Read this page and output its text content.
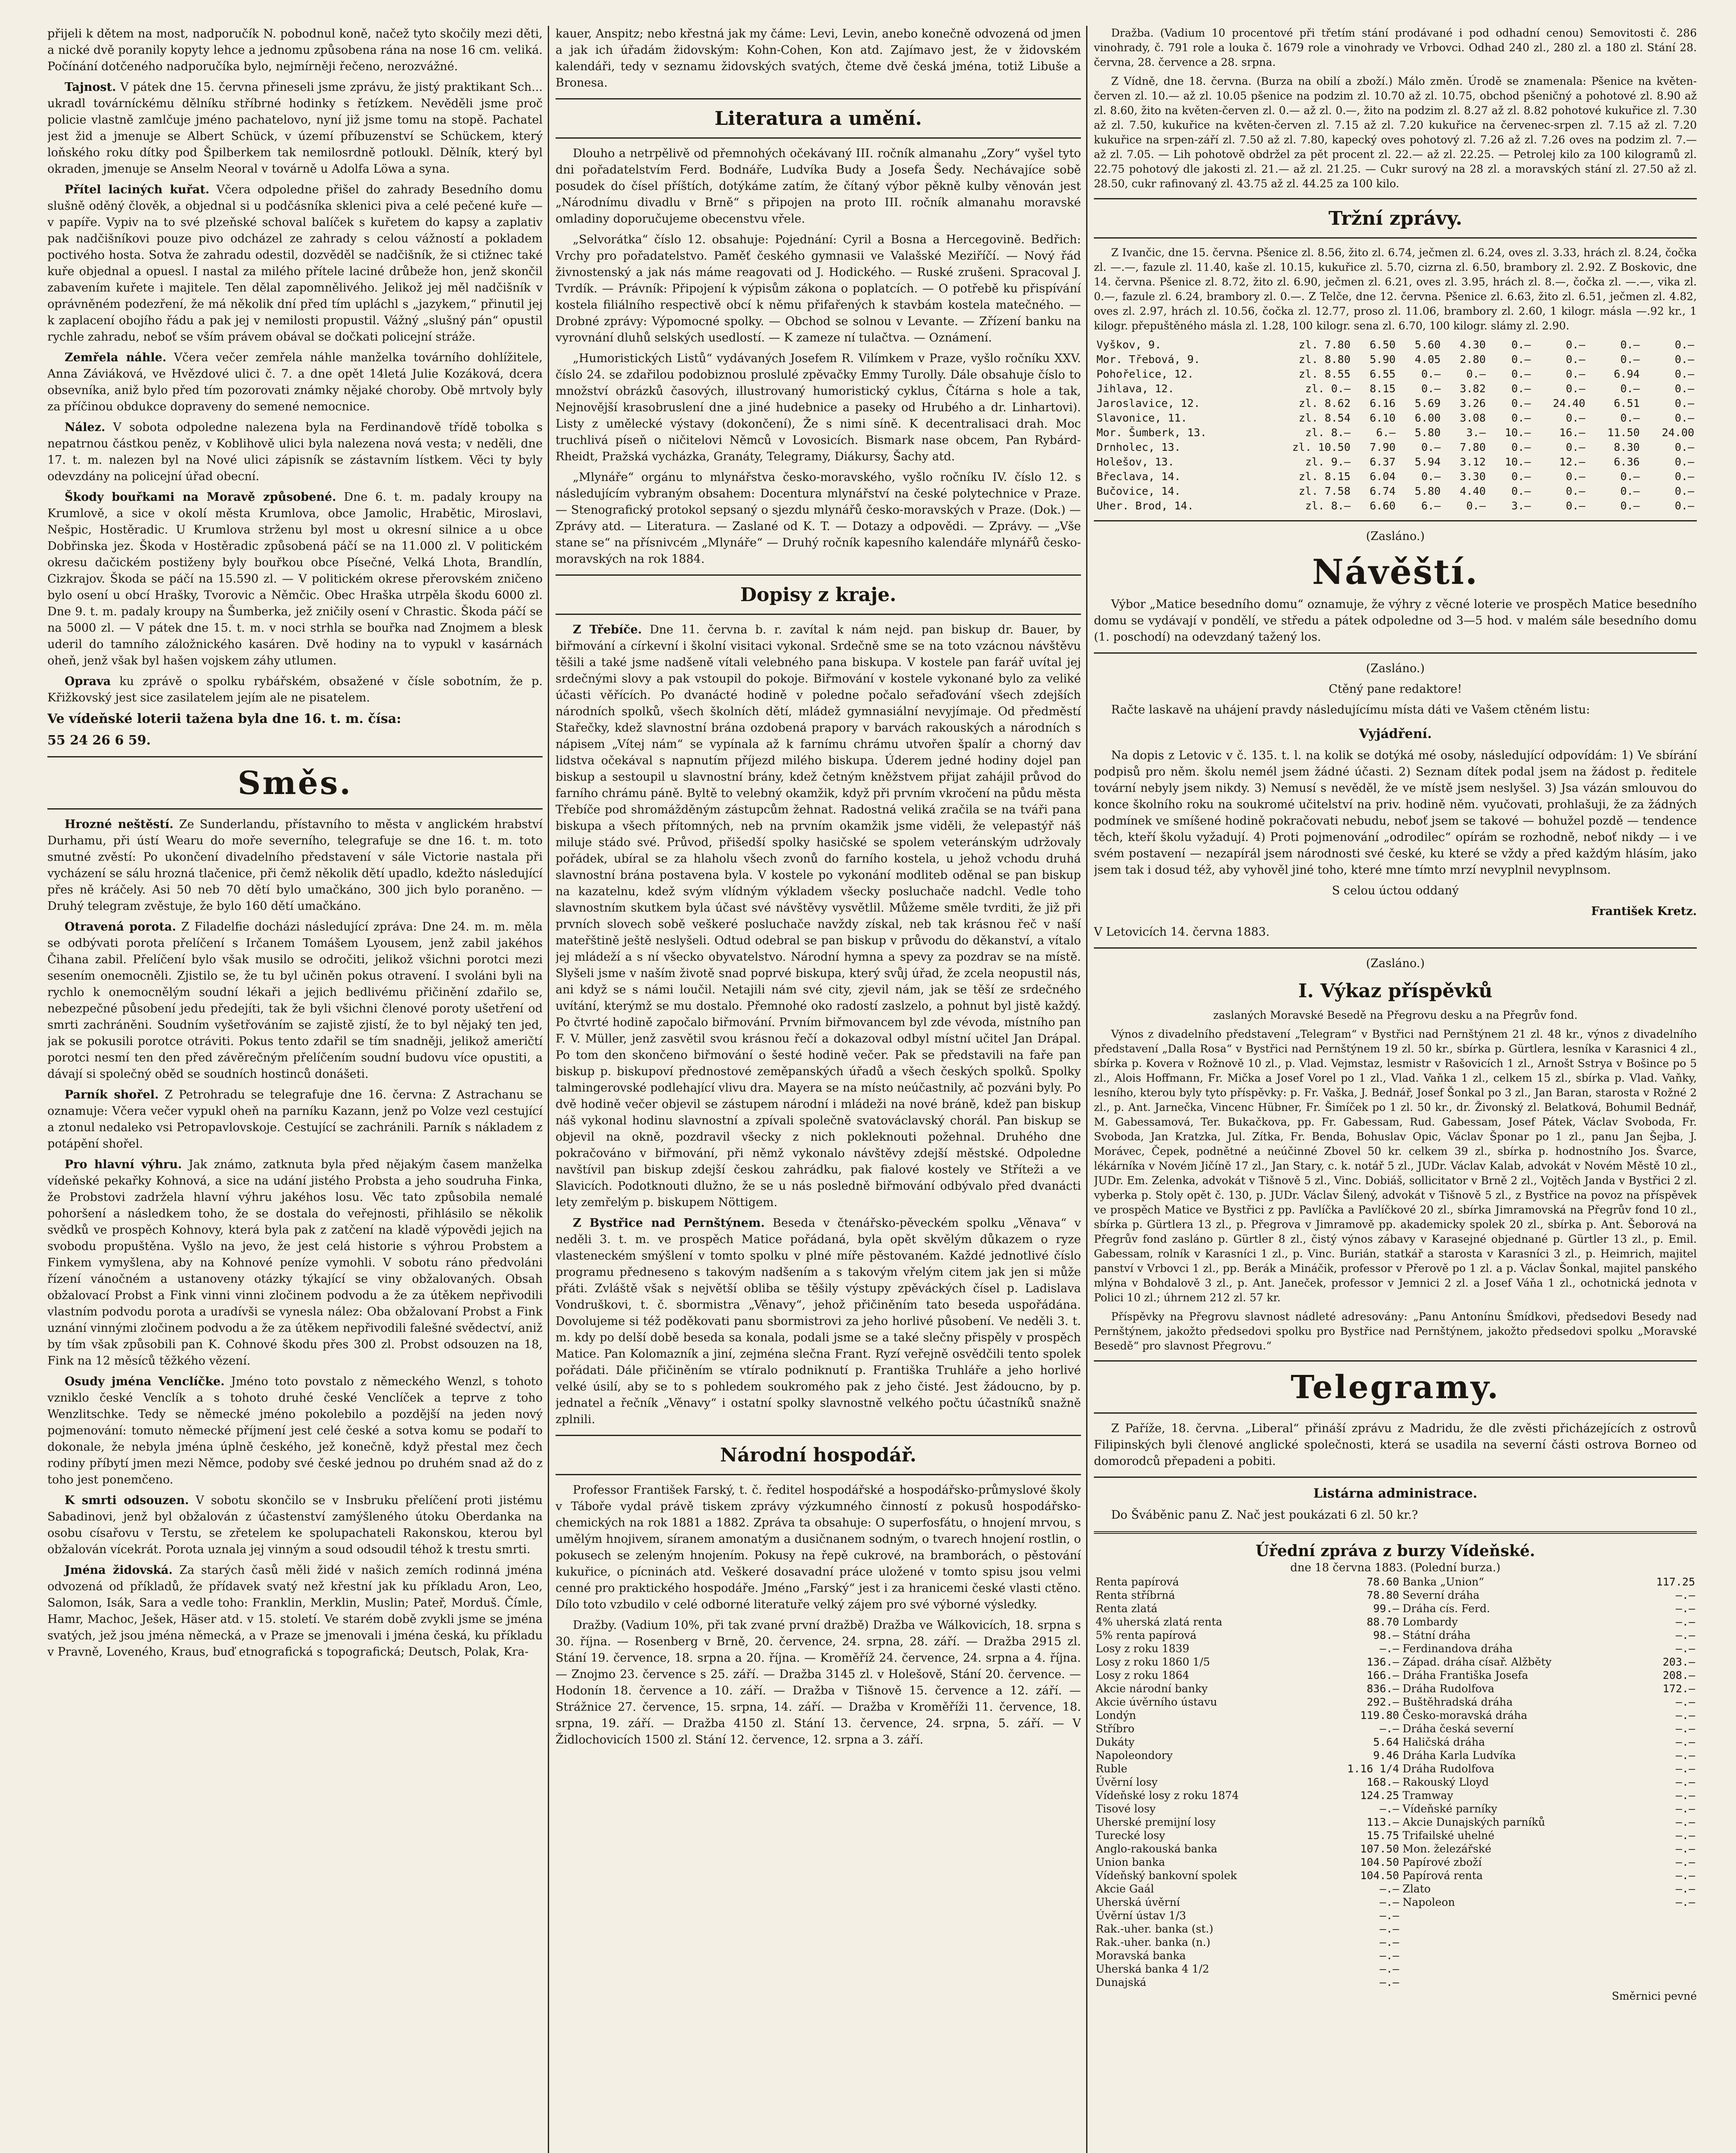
přijeli k dětem na most, nadporučík N. pobodnul koně, načež tyto skočily mezi děti, a nické dvě poranily kopyty lehce a jednomu způsobena rána na nose 16 cm. veliká. Počínání dotčeného nadporučíka bylo, nejmírněji řečeno, nerozvážné.

Tajnost. V pátek dne 15. června přineseli jsme zprávu, že jistý praktikant Sch... ukradl továrníckému dělníku stříbrné hodinky s řetízkem. Nevěděli jsme proč policie vlastně zamlčuje jméno pachatelovo, nyní již jsme tomu na stopě. Pachatel jest žid a jmenuje se Albert Schück, v území příbuzenství se Schückem, který loňského roku dítky pod Špilberkem tak nemilosrdně potloukl. Dělník, který byl okraden, jmenuje se Anselm Neoral v továrně u Adolfa Löwa a syna.

Přítel laciných kuřat. Včera odpoledne přišel do zahrady Besedního domu slušně oděný člověk, a objednal si u podčásníka sklenici piva a celé pečené kuře — v papíře. Vypiv na to své plzeňské schoval balíček s kuřetem do kapsy a zaplativ pak nadčišníkovi pouze pivo odcházel ze zahrady s celou vážností a pokladem poctivého hosta. Sotva že zahradu odestil, dozvěděl se nadčišník, že si ctižnec také kuře objednal a opuesl. I nastal za milého přítele laciné drůbeže hon, jenž skončil zabavením kuřete i majitele. Ten dělal zapomnělivého. Jelikož jej měl nadčišník v oprávněném podezření, že má několik dní před tím upláchl s „jazykem,“ přinutil jej k zaplacení obojího řádu a pak jej v nemilosti propustil. Vážný „slušný pán“ opustil rychle zahradu, neboť se vším právem obával se dočkati policejní stráže.

Zemřela náhle. Včera večer zemřela náhle manželka továrního dohlížitele, Anna Záviáková, ve Hvězdové ulici č. 7. a dne opět 14letá Julie Kozáková, dcera obsevníka, aniž bylo před tím pozorovati známky nějaké choroby. Obě mrtvoly byly za příčinou obdukce dopraveny do semené nemocnice.

Nález. V sobota odpoledne nalezena byla na Ferdinandově třídě tobolka s nepatrnou částkou peněz, v Koblihově ulici byla nalezena nová vesta; v neděli, dne 17. t. m. nalezen byl na Nové ulici zápisník se zástavním lístkem. Věci ty byly odevzdány na policejní úřad obecní.

Škody bouřkami na Moravě způsobené. Dne 6. t. m. padaly kroupy na Krumlově, a sice v okolí města Krumlova, obce Jamolic, Hrabětic, Miroslavi, Nešpic, Hostěradic. U Krumlova strženu byl most u okresní silnice a u obce Dobřinska jez. Škoda v Hostěradic způsobená páčí se na 11.000 zl. V politickém okresu dačickém postiženy byly bouřkou obce Písečné, Velká Lhota, Brandlín, Cizkrajov. Škoda se páčí na 15.590 zl. — V politickém okrese přerovském zničeno bylo osení u obcí Hrašky, Tvorovic a Němčic. Obec Hraška utrpěla škodu 6000 zl. Dne 9. t. m. padaly kroupy na Šumberka, jež zničily osení v Chrastic. Škoda páčí se na 5000 zl. — V pátek dne 15. t. m. v noci strhla se bouřka nad Znojmem a blesk uderil do tamního záložnického kasáren. Dvě hodiny na to vypukl v kasárnách oheň, jenž však byl hašen vojskem záhy utlumen.

Oprava ku zprávě o spolku rybářském, obsažené v čísle sobotním, že p. Křižkovský jest sice zasilatelem jejím ale ne pisatelem.

Ve vídeňské loterii tažena byla dne 16. t. m. čísa:

55 24 26 6 59.

Směs.

Hrozné neštěstí. Ze Sunderlandu, přístavního to města v anglickém hrabství Durhamu, při ústí Wearu do moře severního, telegrafuje se dne 16. t. m. toto smutné zvěstí: Po ukončení divadelního představení v sále Victorie nastala při vycházení se sálu hrozná tlačenice, při čemž několik dětí upadlo, kdežto následující přes ně kráčely. Asi 50 neb 70 dětí bylo umačkáno, 300 jich bylo poraněno. — Druhý telegram zvěstuje, že bylo 160 dětí umačkáno.

Otravená porota. Z Filadelfie docházi následující zpráva: Dne 24. m. m. měla se odbývati porota přelíčení s Irčanem Tomášem Lyousem, jenž zabil jakéhos Čihana zabil. Přelíčení bylo však musilo se odročiti, jelikož všichni porotci mezi sesením onemocněli. Zjistilo se, že tu byl učiněn pokus otravení. I svoláni byli na rychlo k onemocnělým soudní lékaři a jejich bedlivému přičinění zdařilo se, nebezpečné působení jedu předejíti, tak že byli všichni členové poroty ušetření od smrti zachráněni. Soudním vyšetřováním se zajistě zjistí, že to byl nějaký ten jed, jak se pokusili porotce otráviti. Pokus tento zdařil se tím snadněji, jelikož američtí porotci nesmí ten den před závěrečným přelíčením soudní budovu více opustiti, a dávají si společný oběd se soudních hostinců donášeti.

Parník shořel. Z Petrohradu se telegrafuje dne 16. června: Z Astrachanu se oznamuje: Včera večer vypukl oheň na parníku Kazann, jenž po Volze vezl cestující a ztonul nedaleko vsi Petropavlovskoje. Cestující se zachránili. Parník s nákladem z potápění shořel.

Pro hlavní výhru. Jak známo, zatknuta byla před nějakým časem manželka vídeňské pekařky Kohnová, a sice na udání jistého Probsta a jeho soudruha Finka, že Probstovi zadržela hlavní výhru jakéhos losu. Věc tato způsobila nemalé pohoršení a následkem toho, že se dostala do veřejnosti, přihlásilo se několik svědků ve prospěch Kohnovy, která byla pak z zatčení na kladě výpovědi jejich na svobodu propuštěna. Vyšlo na jevo, že jest celá historie s výhrou Probstem a Finkem vymyšlena, aby na Kohnové peníze vymohli. V sobotu ráno předvoláni řízení vánočném a ustanoveny otázky týkající se viny obžalovaných. Obsah obžalovací Probst a Fink vinni vinni zločinem podvodu a že za útěkem nepřivodili vlastním podvodu porota a uradívši se vynesla nález: Oba obžalovaní Probst a Fink uznání vinnými zločinem podvodu a že za útěkem nepřivodili falešné svědectví, aniž by tím však způsobili pan K. Cohnové škodu přes 300 zl. Probst odsouzen na 18, Fink na 12 měsíců těžkého vězení.

Osudy jména Venclíčke. Jméno toto povstalo z německého Wenzl, s tohoto vzniklo české Venclík a s tohoto druhé české Venclíček a teprve z toho Wenzlitschke. Tedy se německé jméno pokolebilo a pozdější na jeden nový pojmenování: tomuto německé příjmení jest celé české a sotva komu se podaří to dokonale, že nebyla jména úplně českého, jež konečně, když přestal mez čech rodiny příbytí jmen mezi Němce, podoby své české jednou po druhém snad až do z toho jest ponemčeno.

K smrti odsouzen. V sobotu skončilo se v Insbruku přelíčení proti jistému Sabadinovi, jenž byl obžalován z účastenství zamýšleného útoku Oberdanka na osobu císařovu v Terstu, se zřetelem ke spolupachateli Rakonskou, kterou byl obžalován vícekrát. Porota uznala jej vinným a soud odsoudil téhož k trestu smrti.

Jména židovská. Za starých časů měli židé v našich zemích rodinná jména odvozená od příkladů, že přídavek svatý než křestní jak ku příkladu Aron, Leo, Salomon, Isák, Sara a vedle toho: Franklin, Merklin, Muslin; Pateř, Morduš. Čímle, Hamr, Machoc, Ješek, Häser atd. v 15. století. Ve starém době zvykli jsme se jména svatých, jež jsou jména německá, a v Praze se jmenovali i jména česká, ku příkladu v Pravně, Loveného, Kraus, buď etnografická s topografická; Deutsch, Polak, Kra-

kauer, Anspitz; nebo křestná jak my čáme: Levi, Levin, anebo konečně odvozená od jmen a jak ich úřadám židovským: Kohn-Cohen, Kon atd. Zajímavo jest, že v židovském kalendáři, tedy v seznamu židovských svatých, čteme dvě česká jména, totiž Libuše a Bronesa.

Literatura a umění.

Dlouho a netrpělivě od přemnohých očekávaný III. ročník almanahu „Zory“ vyšel tyto dni pořadatelstvím Ferd. Bodnáře, Ludvíka Budy a Josefa Šedy. Nechávajíce sobě posudek do čísel příštích, dotýkáme zatím, že čítaný výbor pěkně kulby věnován jest „Národnímu divadlu v Brně“ s připojen na proto III. ročník almanahu moravské omladiny doporučujeme obecenstvu vřele.

„Selvorátka“ číslo 12. obsahuje: Pojednání: Cyril a Bosna a Hercegovině. Bedřich: Vrchy pro pořadatelstvo. Paměť českého gymnasii ve Valašské Meziříčí. — Nový řád živnostenský a jak nás máme reagovati od J. Hodického. — Ruské zrušeni. Spracoval J. Tvrdík. — Právník: Připojení k výpisům zákona o poplatcích. — O potřebě ku přispívání kostela filiálního respectivě obcí k němu přifařených k stavbám kostela matečného. — Drobné zprávy: Výpomocné spolky. — Obchod se solnou v Levante. — Zřízení banku na vyrovnání dluhů selských usedlostí. — K zameze ní tulačtva. — Oznámení.

„Humoristických Listů“ vydávaných Josefem R. Vilímkem v Praze, vyšlo ročníku XXV. číslo 24. se zdařilou podobiznou proslulé zpěvačky Emmy Turolly. Dále obsahuje číslo to množství obrázků časových, illustrovaný humoristický cyklus, Čítárna s hole a tak, Nejnovější krasobruslení dne a jiné hudebnice a paseky od Hrubého a dr. Linhartovi). Listy z umělecké výstavy (dokončení), Že s nimi síně. K decentralisaci drah. Moc truchlivá píseň o ničitelovi Němců v Lovosicích. Bismark nase obcem, Pan Rybárd-Rheidt, Pražská vycházka, Granáty, Telegramy, Diákursy, Šachy atd.

„Mlynáře“ orgánu to mlynářstva česko-moravského, vyšlo ročníku IV. číslo 12. s následujícím vybraným obsahem: Docentura mlynářství na české polytechnice v Praze. — Stenografický protokol sepsaný o sjezdu mlynářů česko-moravských v Praze. (Dok.) — Zprávy atd. — Literatura. — Zaslané od K. T. — Dotazy a odpovědi. — Zprávy. — „Vše stane se“ na přísnivcém „Mlynáře“ — Druhý ročník kapesního kalendáře mlynářů česko-moravských na rok 1884.

Dopisy z kraje.

Z Třebíče. Dne 11. června b. r. zavítal k nám nejd. pan biskup dr. Bauer, by biřmování a církevní i školní visitaci vykonal. Srdečně sme se na toto vzácnou návštěvu těšili a také jsme nadšeně vítali velebného pana biskupa. V kostele pan farář uvítal jej srdečnými slovy a pak vstoupil do pokoje. Biřmování v kostele vykonané bylo za veliké účasti věřících. Po dvanácté hodině v poledne počalo seřaďování všech zdejších národních spolků, všech školních dětí, mládež gymnasiální nevyjímaje. Od předměstí Stařečky, kdež slavnostní brána ozdobená prapory v barvách rakouských a národních s nápisem „Vítej nám“ se vypínala až k farnímu chrámu utvořen špalír a chorný dav lidstva očekával s napnutím příjezd milého biskupa. Úderem jedné hodiny dojel pan biskup a sestoupil u slavnostní brány, kdež četným kněžstvem přijat zahájil průvod do farního chrámu páně. Byltě to velebný okamžik, když při prvním vkročení na půdu města Třebíče pod shromážděným zástupcům žehnat. Radostná veliká zračila se na tváři pana biskupa a všech přítomných, neb na prvním okamžik jsme viděli, že velepastýř náš miluje stádo své. Průvod, přišedší spolky hasičské se spolem veteránským udržovaly pořádek, ubíral se za hlaholu všech zvonů do farního kostela, u jehož vchodu druhá slavnostní brána postavena byla. V kostele po vykonání modliteb oděnal se pan biskup na kazatelnu, kdež svým vlídným výkladem všecky posluchače nadchl. Vedle toho slavnostním skutkem byla účast své návštěvy vysvětlil. Můžeme směle tvrditi, že již při prvních slovech sobě veškeré posluchače navždy získal, neb tak krásnou řeč v naší mateřštině ještě neslyšeli. Odtud odebral se pan biskup v průvodu do děkanství, a vítalo jej mládeží a s ní všecko obyvatelstvo. Národní hymna a spevy za pozdrav se na místě. Slyšeli jsme v naším životě snad poprvé biskupa, který svůj úřad, že zcela neopustil nás, ani když se s námi loučil. Netajili nám své city, zjevil nám, jak se těší ze srdečného uvítání, kterýmž se mu dostalo. Přemnohé oko radostí zaslzelo, a pohnut byl jistě každý. Po čtvrté hodině započalo biřmování. Prvním biřmovancem byl zde vévoda, místního pan F. V. Müller, jenž zasvětil svou krásnou řečí a dokazoval odbyl místní učitel Jan Drápal. Po tom den skončeno biřmování o šesté hodině večer. Pak se představili na faře pan biskup p. biskupoví přednostové zeměpanských úřadů a všech českých spolků. Spolky talmingerovské podlehající vlivu dra. Mayera se na místo neúčastnily, ač pozváni byly. Po dvě hodině večer objevil se zástupem národní i mládeži na nové bráně, kdež pan biskup náš vykonal hodinu slavnostní a zpívali společně svatováclavský chorál. Pan biskup se objevil na okně, pozdravil všecky z nich pokleknouti požehnal. Druhého dne pokračováno v biřmování, při němž vykonalo návštěvy zdejší městské. Odpoledne navštívil pan biskup zdejší českou zahrádku, pak fialové kostely ve Stříteži a ve Slavicích. Podotknouti dlužno, že se u nás posledně biřmování odbývalo před dvanácti lety zemřelým p. biskupem Nöttigem.

Z Bystřice nad Pernštýnem. Beseda v čtenářsko-pěveckém spolku „Věnava“ v neděli 3. t. m. ve prospěch Matice pořádaná, byla opět skvělým důkazem o ryze vlasteneckém smýšlení v tomto spolku v plné míře pěstovaném. Každé jednotlivé číslo programu předneseno s takovým nadšením a s takovým vřelým citem jak jen si může přáti. Zvláště však s největší obliba se těšily výstupy zpěváckých čísel p. Ladislava Vondruškovi, t. č. sbormistra „Věnavy“, jehož přičiněním tato beseda uspořádána. Dovolujeme si též poděkovati panu sbormistrovi za jeho horlivé působení. Ve neděli 3. t. m. kdy po delší době beseda sa konala, podali jsme se a také slečny přispěly v prospěch Matice. Pan Kolomazník a jiní, zejména slečna Frant. Ryzí veřejně osvědčili tento spolek pořádati. Dále přičiněním se vtíralo podniknutí p. Františka Truhláře a jeho horlivé velké úsilí, aby se to s pohledem soukromého pak z jeho čisté. Jest žádoucno, by p. jednatel a řečník „Věnavy“ i ostatní spolky slavnostně velkého počtu účastníků snažně zplnili.

Národní hospodář.

Professor František Farský, t. č. ředitel hospodářské a hospodářsko-průmyslové školy v Táboře vydal právě tiskem zprávy výzkumného činností z pokusů hospodářsko-chemických na rok 1881 a 1882. Zpráva ta obsahuje: O superfosfátu, o hnojení mrvou, s umělým hnojivem, síranem amonatým a dusičnanem sodným, o tvarech hnojení rostlin, o pokusech se zeleným hnojením. Pokusy na řepě cukrové, na bramborách, o pěstování kukuřice, o pícninách atd. Veškeré dosavadní práce uložené v tomto spisu jsou velmi cenné pro praktického hospodáře. Jméno „Farský“ jest i za hranicemi české vlasti ctěno. Dílo toto vzbudilo v celé odborné literatuře velký zájem pro své výborné výsledky.

Dražby. (Vadium 10%, při tak zvané první dražbě) Dražba ve Wálkovicích, 18. srpna s 30. října. — Rosenberg v Brně, 20. července, 24. srpna, 28. září. — Dražba 2915 zl. Stání 19. července, 18. srpna a 20. října. — Kroměříž 24. července, 24. srpna a 4. října. — Znojmo 23. července s 25. září. — Dražba 3145 zl. v Holešově, Stání 20. července. — Hodonín 18. července a 10. září. — Dražba v Tišnově 15. července a 12. září. — Strážnice 27. července, 15. srpna, 14. září. — Dražba v Kroměříži 11. července, 18. srpna, 19. září. — Dražba 4150 zl. Stání 13. července, 24. srpna, 5. září. — V Židlochovicích 1500 zl. Stání 12. července, 12. srpna a 3. září.

Dražba. (Vadium 10 procentové při třetím stání prodávané i pod odhadní cenou) Semovitosti č. 286 vinohrady, č. 791 role a louka č. 1679 role a vinohrady ve Vrbovci. Odhad 240 zl., 280 zl. a 180 zl. Stání 28. června, 28. července a 28. srpna.

Z Vídně, dne 18. června. (Burza na obilí a zboží.) Málo změn. Úrodě se znamenala: Pšenice na květen-červen zl. 10.— až zl. 10.05 pšenice na podzim zl. 10.70 až zl. 10.75, obchod pšeničný a pohotové zl. 8.90 až zl. 8.60, žito na květen-červen zl. 0.— až zl. 0.—, žito na podzim zl. 8.27 až zl. 8.82 pohotové kukuřice zl. 7.30 až zl. 7.50, kukuřice na květen-červen zl. 7.15 až zl. 7.20 kukuřice na červenec-srpen zl. 7.15 až zl. 7.20 kukuřice na srpen-září zl. 7.50 až zl. 7.80, kapecký oves pohotový zl. 7.26 až zl. 7.26 oves na podzim zl. 7.— až zl. 7.05. — Lih pohotově obdržel za pět procent zl. 22.— až zl. 22.25. — Petrolej kilo za 100 kilogramů zl. 22.75 pohotový dle jakosti zl. 21.— až zl. 21.25. — Cukr surový na 28 zl. a moravských stání zl. 27.50 až zl. 28.50, cukr rafinovaný zl. 43.75 až zl. 44.25 za 100 kilo.

Tržní zprávy.

Z Ivančic, dne 15. června. Pšenice zl. 8.56, žito zl. 6.74, ječmen zl. 6.24, oves zl. 3.33, hrách zl. 8.24, čočka zl. —.—, fazule zl. 11.40, kaše zl. 10.15, kukuřice zl. 5.70, cizrna zl. 6.50, brambory zl. 2.92. Z Boskovic, dne 14. června. Pšenice zl. 8.72, žito zl. 6.90, ječmen zl. 6.21, oves zl. 3.95, hrách zl. 8.—, čočka zl. —.—, vika zl. 0.—, fazule zl. 6.24, brambory zl. 0.—. Z Telče, dne 12. června. Pšenice zl. 6.63, žito zl. 6.51, ječmen zl. 4.82, oves zl. 2.97, hrách zl. 10.56, čočka zl. 12.77, proso zl. 11.06, brambory zl. 2.60, 1 kilogr. másla —.92 kr., 1 kilogr. přepuštěného másla zl. 1.28, 100 kilogr. sena zl. 6.70, 100 kilogr. slámy zl. 2.90.

Vyškov, 9.	zl. 7.80	6.50	5.60	4.30	0.—	0.—	0.—	0.—
Mor. Třebová, 9.	zl. 8.80	5.90	4.05	2.80	0.—	0.—	0.—	0.—
Pohořelice, 12.	zl. 8.55	6.55	0.—	0.—	0.—	0.—	6.94	0.—
Jihlava, 12.	zl. 0.—	8.15	0.—	3.82	0.—	0.—	0.—	0.—
Jaroslavice, 12.	zl. 8.62	6.16	5.69	3.26	0.—	24.40	6.51	0.—
Slavonice, 11.	zl. 8.54	6.10	6.00	3.08	0.—	0.—	0.—	0.—
Mor. Šumberk, 13.	zl. 8.—	6.—	5.80	3.—	10.—	16.—	11.50	24.00
Drnholec, 13.	zl. 10.50	7.90	0.—	7.80	0.—	0.—	8.30	0.—
Holešov, 13.	zl. 9.—	6.37	5.94	3.12	10.—	12.—	6.36	0.—
Břeclava, 14.	zl. 8.15	6.04	0.—	3.30	0.—	0.—	0.—	0.—
Bučovice, 14.	zl. 7.58	6.74	5.80	4.40	0.—	0.—	0.—	0.—
Uher. Brod, 14.	zl. 8.—	6.60	6.—	0.—	3.—	0.—	0.—	0.—

(Zasláno.)

Návěští.

Výbor „Matice besedního domu“ oznamuje, že výhry z věcné loterie ve prospěch Matice besedního domu se vydávají v pondělí, ve středu a pátek odpoledne od 3—5 hod. v malém sále besedního domu (1. poschodí) na odevzdaný tažený los.

(Zasláno.)

Ctěný pane redaktore!

Račte laskavě na uhájení pravdy následujícímu místa dáti ve Vašem ctěném listu:

Vyjádření.

Na dopis z Letovic v č. 135. t. l. na kolik se dotýká mé osoby, následující odpovídám: 1) Ve sbírání podpisů pro něm. školu nemél jsem žádné účasti. 2) Seznam dítek podal jsem na žádost p. ředitele tovární nebyly jsem nikdy. 3) Nemusí s nevěděl, že ve místě jsem neslyšel. 3) Jsa vázán smlouvou do konce školního roku na soukromé učitelství na priv. hodině něm. vyučovati, prohlašuji, že za žádných podmínek ve smíšené hodině pokračovati nebudu, neboť jsem se takové — bohužel pozdě — tendence těch, kteří školu vyžadují. 4) Proti pojmenování „odrodilec“ opírám se rozhodně, neboť nikdy — i ve svém postavení — nezapírál jsem národnosti své české, ku které se vždy a před každým hlásím, jako jsem tak i dosud též, aby vyhověl jiné toho, které mne tímto mrzí nevyplnil nevyplnsom.

S celou úctou oddaný

František Kretz.

V Letovicích 14. června 1883.

(Zasláno.)

I. Výkaz příspěvků

zaslaných Moravské Besedě na Přegrovu desku a na Přegrův fond.

Výnos z divadelního představení „Telegram“ v Bystřici nad Pernštýnem 21 zl. 48 kr., výnos z divadelního představení „Dalla Rosa“ v Bystřici nad Pernštýnem 19 zl. 50 kr., sbírka p. Gürtlera, lesníka v Karasnici 4 zl., sbírka p. Kovera v Rožnově 10 zl., p. Vlad. Vejmstaz, lesmistr v Rašovicích 1 zl., Arnošt Sstrya v Bošince po 5 zl., Alois Hoffmann, Fr. Mička a Josef Vorel po 1 zl., Vlad. Vaňka 1 zl., celkem 15 zl., sbírka p. Vlad. Vaňky, lesního, kterou byly tyto příspěvky: p. Fr. Vaška, J. Bednář, Josef Šonkal po 3 zl., Jan Baran, starosta v Rožné 2 zl., p. Ant. Jarnečka, Vincenc Hübner, Fr. Šimíček po 1 zl. 50 kr., dr. Živonský zl. Belatková, Bohumil Bednář, M. Gabessamová, Ter. Bukačkova, pp. Fr. Gabessam, Rud. Gabessam, Josef Pátek, Václav Svoboda, Fr. Svoboda, Jan Kratzka, Jul. Zítka, Fr. Benda, Bohuslav Opic, Václav Šponar po 1 zl., panu Jan Šejba, J. Morávec, Čepek, podnětné a neúčinné Zbovel 50 kr. celkem 39 zl., sbírka p. hodnostního Jos. Švarce, lékárníka v Novém Jičíně 17 zl., Jan Stary, c. k. notář 5 zl., JUDr. Václav Kalab, advokát v Novém Městě 10 zl., JUDr. Em. Zelenka, advokát v Tišnově 5 zl., Vinc. Dobiáš, sollicitator v Brně 2 zl., Vojtěch Janda v Bystřici 2 zl. vyberka p. Stoly opět č. 130, p. JUDr. Václav Šilený, advokát v Tišnově 5 zl., z Bystřice na povoz na příspěvek ve prospěch Matice ve Bystřici z pp. Pavlíčka a Pavlíčkové 20 zl., sbírka Jimramovská na Přegrův fond 10 zl., sbírka p. Gürtlera 13 zl., p. Přegrova v Jimramově pp. akademicky spolek 20 zl., sbírka p. Ant. Šeborová na Přegrův fond zasláno p. Gürtler 8 zl., čistý výnos zábavy v Karasejné objednané p. Gürtler 13 zl., p. Emil. Gabessam, rolník v Karasníci 1 zl., p. Vinc. Burián, statkář a starosta v Karasníci 3 zl., p. Heimrich, majitel panství v Vrbovci 1 zl., pp. Berák a Mináčik, professor v Přerově po 1 zl. a p. Václav Šonkal, majitel panského mlýna v Bohdalově 3 zl., p. Ant. Janeček, professor v Jemnici 2 zl. a Josef Váňa 1 zl., ochotnická jednota v Polici 10 zl.; úhrnem 212 zl. 57 kr.

Příspěvky na Přegrovu slavnost nádleté adresovány: „Panu Antonínu Šmídkovi, předsedovi Besedy nad Pernštýnem, jakožto předsedovi spolku pro Bystřice nad Pernštýnem, jakožto předsedovi spolku „Moravské Besedě“ pro slavnost Přegrovu.“

Telegramy.

Z Paříže, 18. června. „Liberal“ přináší zprávu z Madridu, že dle zvěsti přicházejících z ostrovů Filipinských byli členové anglické společnosti, která se usadila na severní části ostrova Borneo od domorodců přepadeni a pobiti.

Listárna administrace.

Do Šváběnic panu Z. Nač jest poukázati 6 zl. 50 kr.?

Úřední zpráva z burzy Vídeňské.
dne 18 června 1883. (Polední burza.)
Renta papírová	78.60	Banka „Union“	117.25
Renta stříbrná	78.80	Severní dráha	—.—
Renta zlatá	99.—	Dráha cís. Ferd.	—.—
4% uherská zlatá renta	88.70	Lombardy	—.—
5% renta papírová	98.—	Státní dráha	—.—
Losy z roku 1839	—.—	Ferdinandova dráha	—.—
Losy z roku 1860 1/5	136.—	Západ. dráha císař. Alžběty	203.—
Losy z roku 1864	166.—	Dráha Františka Josefa	208.—
Akcie národní banky	836.—	Dráha Rudolfova	172.—
Akcie úvěrního ústavu	292.—	Buštěhradská dráha	—.—
Londýn	119.80	Česko-moravská dráha	—.—
Stříbro	—.—	Dráha česká severní	—.—
Dukáty	5.64	Haličská dráha	—.—
Napoleondory	9.46	Dráha Karla Ludvíka	—.—
Ruble	1.16 1/4	Dráha Rudolfova	—.—
Úvěrní losy	168.—	Rakouský Lloyd	—.—
Vídeňské losy z roku 1874	124.25	Tramway	—.—
Tisové losy	—.—	Vídeňské parníky	—.—
Uherské premijní losy	113.—	Akcie Dunajských parníků	—.—
Turecké losy	15.75	Trifailské uhelné	—.—
Anglo-rakouská banka	107.50	Mon. železářské	—.—
Union banka	104.50	Papírové zboží	—.—
Vídeňský bankovní spolek	104.50	Papírová renta	—.—
Akcie Gaál	—.—	Zlato	—.—
Uherská úvěrní	—.—	Napoleon	—.—
Úvěrní ústav 1/3	—.—		
Rak.-uher. banka (st.)	—.—		
Rak.-uher. banka (n.)	—.—		
Moravská banka	—.—		
Uherská banka 4 1/2	—.—		
Dunajská	—.—		

Směrnici pevné
